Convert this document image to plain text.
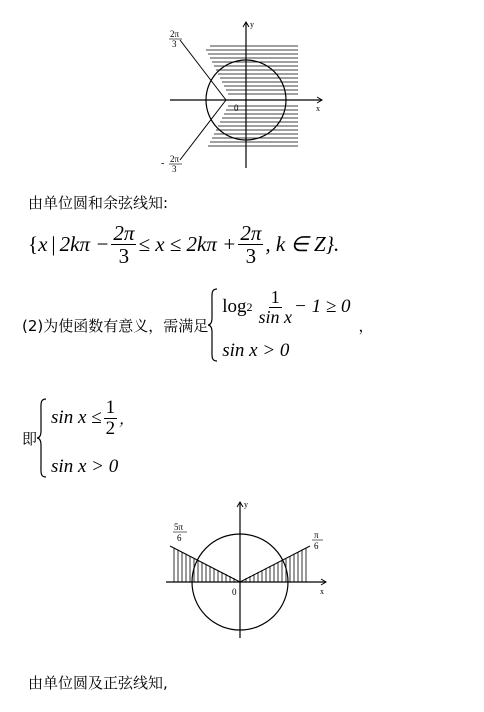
y
x
0
2π
3
- 2π
3
由单位圆和余弦线知:
{ x | $2k\pi - \frac{2\pi}{3} \le x \le 2k\pi + \frac{2\pi}{3}$ , k ∈ Z}.
(2)为使函数有意义，需满足
$\log 2 \frac{1}{\text{sin x}} - 1 \ge 0$
sin x > 0
，
即
$\sin x \le \frac{1}{2}$ ，
sin x > 0
y
x
0
5π
6	π
6
由单位圆及正弦线知,
